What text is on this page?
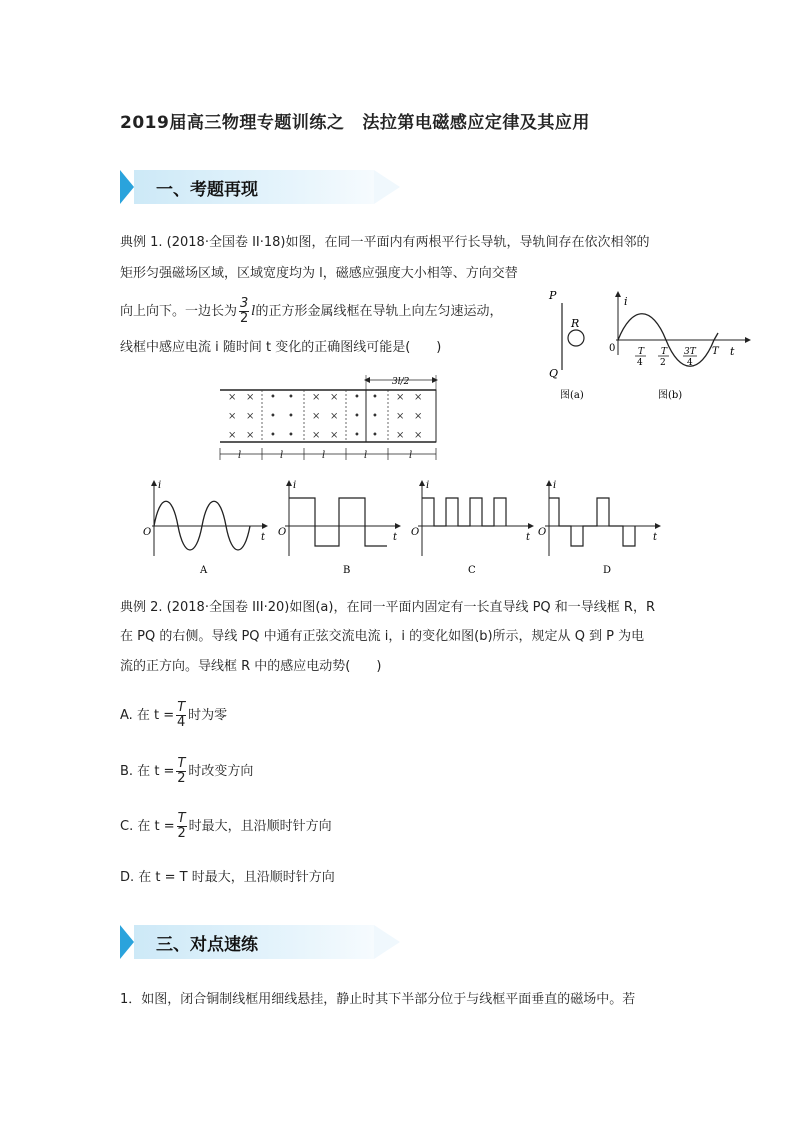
2019届高三物理专题训练之 法拉第电磁感应定律及其应用
一、考题再现
典例 1. (2018·全国卷 II·18)如图，在同一平面内有两根平行长导轨，导轨间存在依次相邻的
矩形匀强磁场区域，区域宽度均为 l，磁感应强度大小相等、方向交替
向上向下。一边长为 $\frac{3}{2}$ l的正方形金属线框在导轨上向左匀速运动，
线框中感应电流 i 随时间 t 变化的正确图线可能是(　　)
P
Q
R
图(a)
i
t
0	T
4
T
2
3T
4
T
图(b)
3l/2
× ×
× ×
× ×
• •
• •
• •
× ×
× ×
× ×
• •
• •
• •
× ×
× ×
× ×
l	l	l	l	l
i
t
O
A
i
t
O
B
i
t
O
C
i
t
O
D
典例 2. (2018·全国卷 III·20)如图(a)，在同一平面内固定有一长直导线 PQ 和一导线框 R，R
在 PQ 的右侧。导线 PQ 中通有正弦交流电流 i，i 的变化如图(b)所示，规定从 Q 到 P 为电
流的正方向。导线框 R 中的感应电动势(　　)
A. 在 $t = \frac{T}{4}$ 时为零
B. 在 $t = \frac{T}{2}$ 时改变方向
C. 在 $t = \frac{T}{2}$ 时最大，且沿顺时针方向
D. 在 t = T 时最大，且沿顺时针方向
三、对点速练
1．如图，闭合铜制线框用细线悬挂，静止时其下半部分位于与线框平面垂直的磁场中。若
